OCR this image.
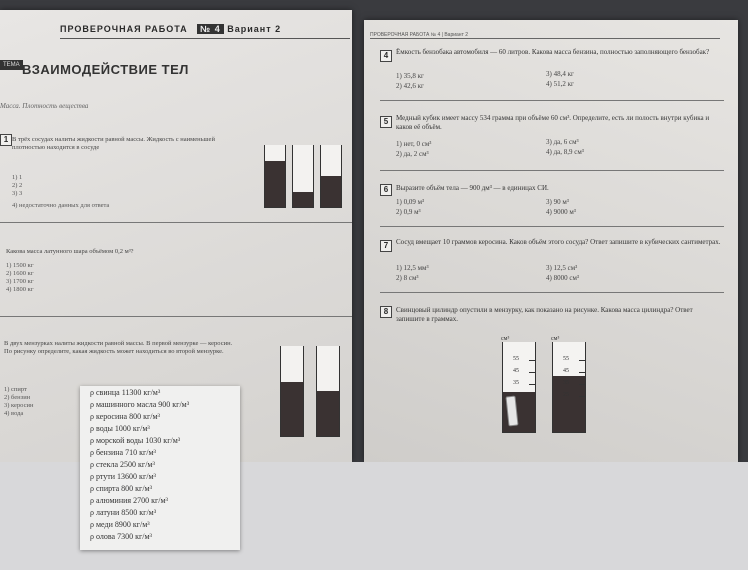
ПРОВЕРОЧНАЯ РАБОТА № 4 Вариант 2
ТЕМА ВЗАИМОДЕЙСТВИЕ ТЕЛ
Масса. Плотность вещества
1 В трёх сосудах налиты жидкости равной массы. Жидкость с наименьшей плотностью находится в сосуде
1) 1
2) 2
3) 3
4) недостаточно данных для ответа
Какова масса латунного шара объёмом 0,2 м³?
1) 1500 кг
2) 1600 кг
3) 1700 кг
4) 1800 кг
В двух мензурках налиты жидкости равной массы. В первой мензурке — керосин. По рисунку определите, какая жидкость может находиться во второй мензурке.
1) спирт
2) бензин
3) керосин
4) вода
ПРОВЕРОЧНАЯ РАБОТА № 4 | Вариант 2
4	Ёмкость бензобака автомобиля — 60 литров. Какова масса бензина, полностью заполняющего бензобак?
1) 35,8 кг
2) 42,6 кг
3) 48,4 кг
4) 51,2 кг
5	Медный кубик имеет массу 534 грамма при объёме 60 см³. Определите, есть ли полость внутри кубика и каков её объём.
1) нет, 0 см³
2) да, 2 см³
3) да, 6 см³
4) да, 8,9 см³
6	Выразите объём тела — 900 дм³ — в единицах СИ.
1) 0,09 м³
2) 0,9 м³
3) 90 м³
4) 9000 м³
7	Сосуд вмещает 10 граммов керосина. Каков объём этого сосуда? Ответ запишите в кубических сантиметрах.
1) 12,5 мм³
2) 8 см³
3) 12,5 см³
4) 8000 см³
8	Свинцовый цилиндр опустили в мензурку, как показано на рисунке. Какова масса цилиндра? Ответ запишите в граммах.
см³
55
45
35
см³
55
45
35
25
ρ свинца 11300 кг/м³
ρ машинного масла 900 кг/м³
ρ керосина 800 кг/м³
ρ воды 1000 кг/м³
ρ морской воды 1030 кг/м³
ρ бензина 710 кг/м³
ρ стекла 2500 кг/м³
ρ ртути 13600 кг/м³
ρ спирта 800 кг/м³
ρ алюминия 2700 кг/м³
ρ латуни 8500 кг/м³
ρ меди 8900 кг/м³
ρ олова 7300 кг/м³
